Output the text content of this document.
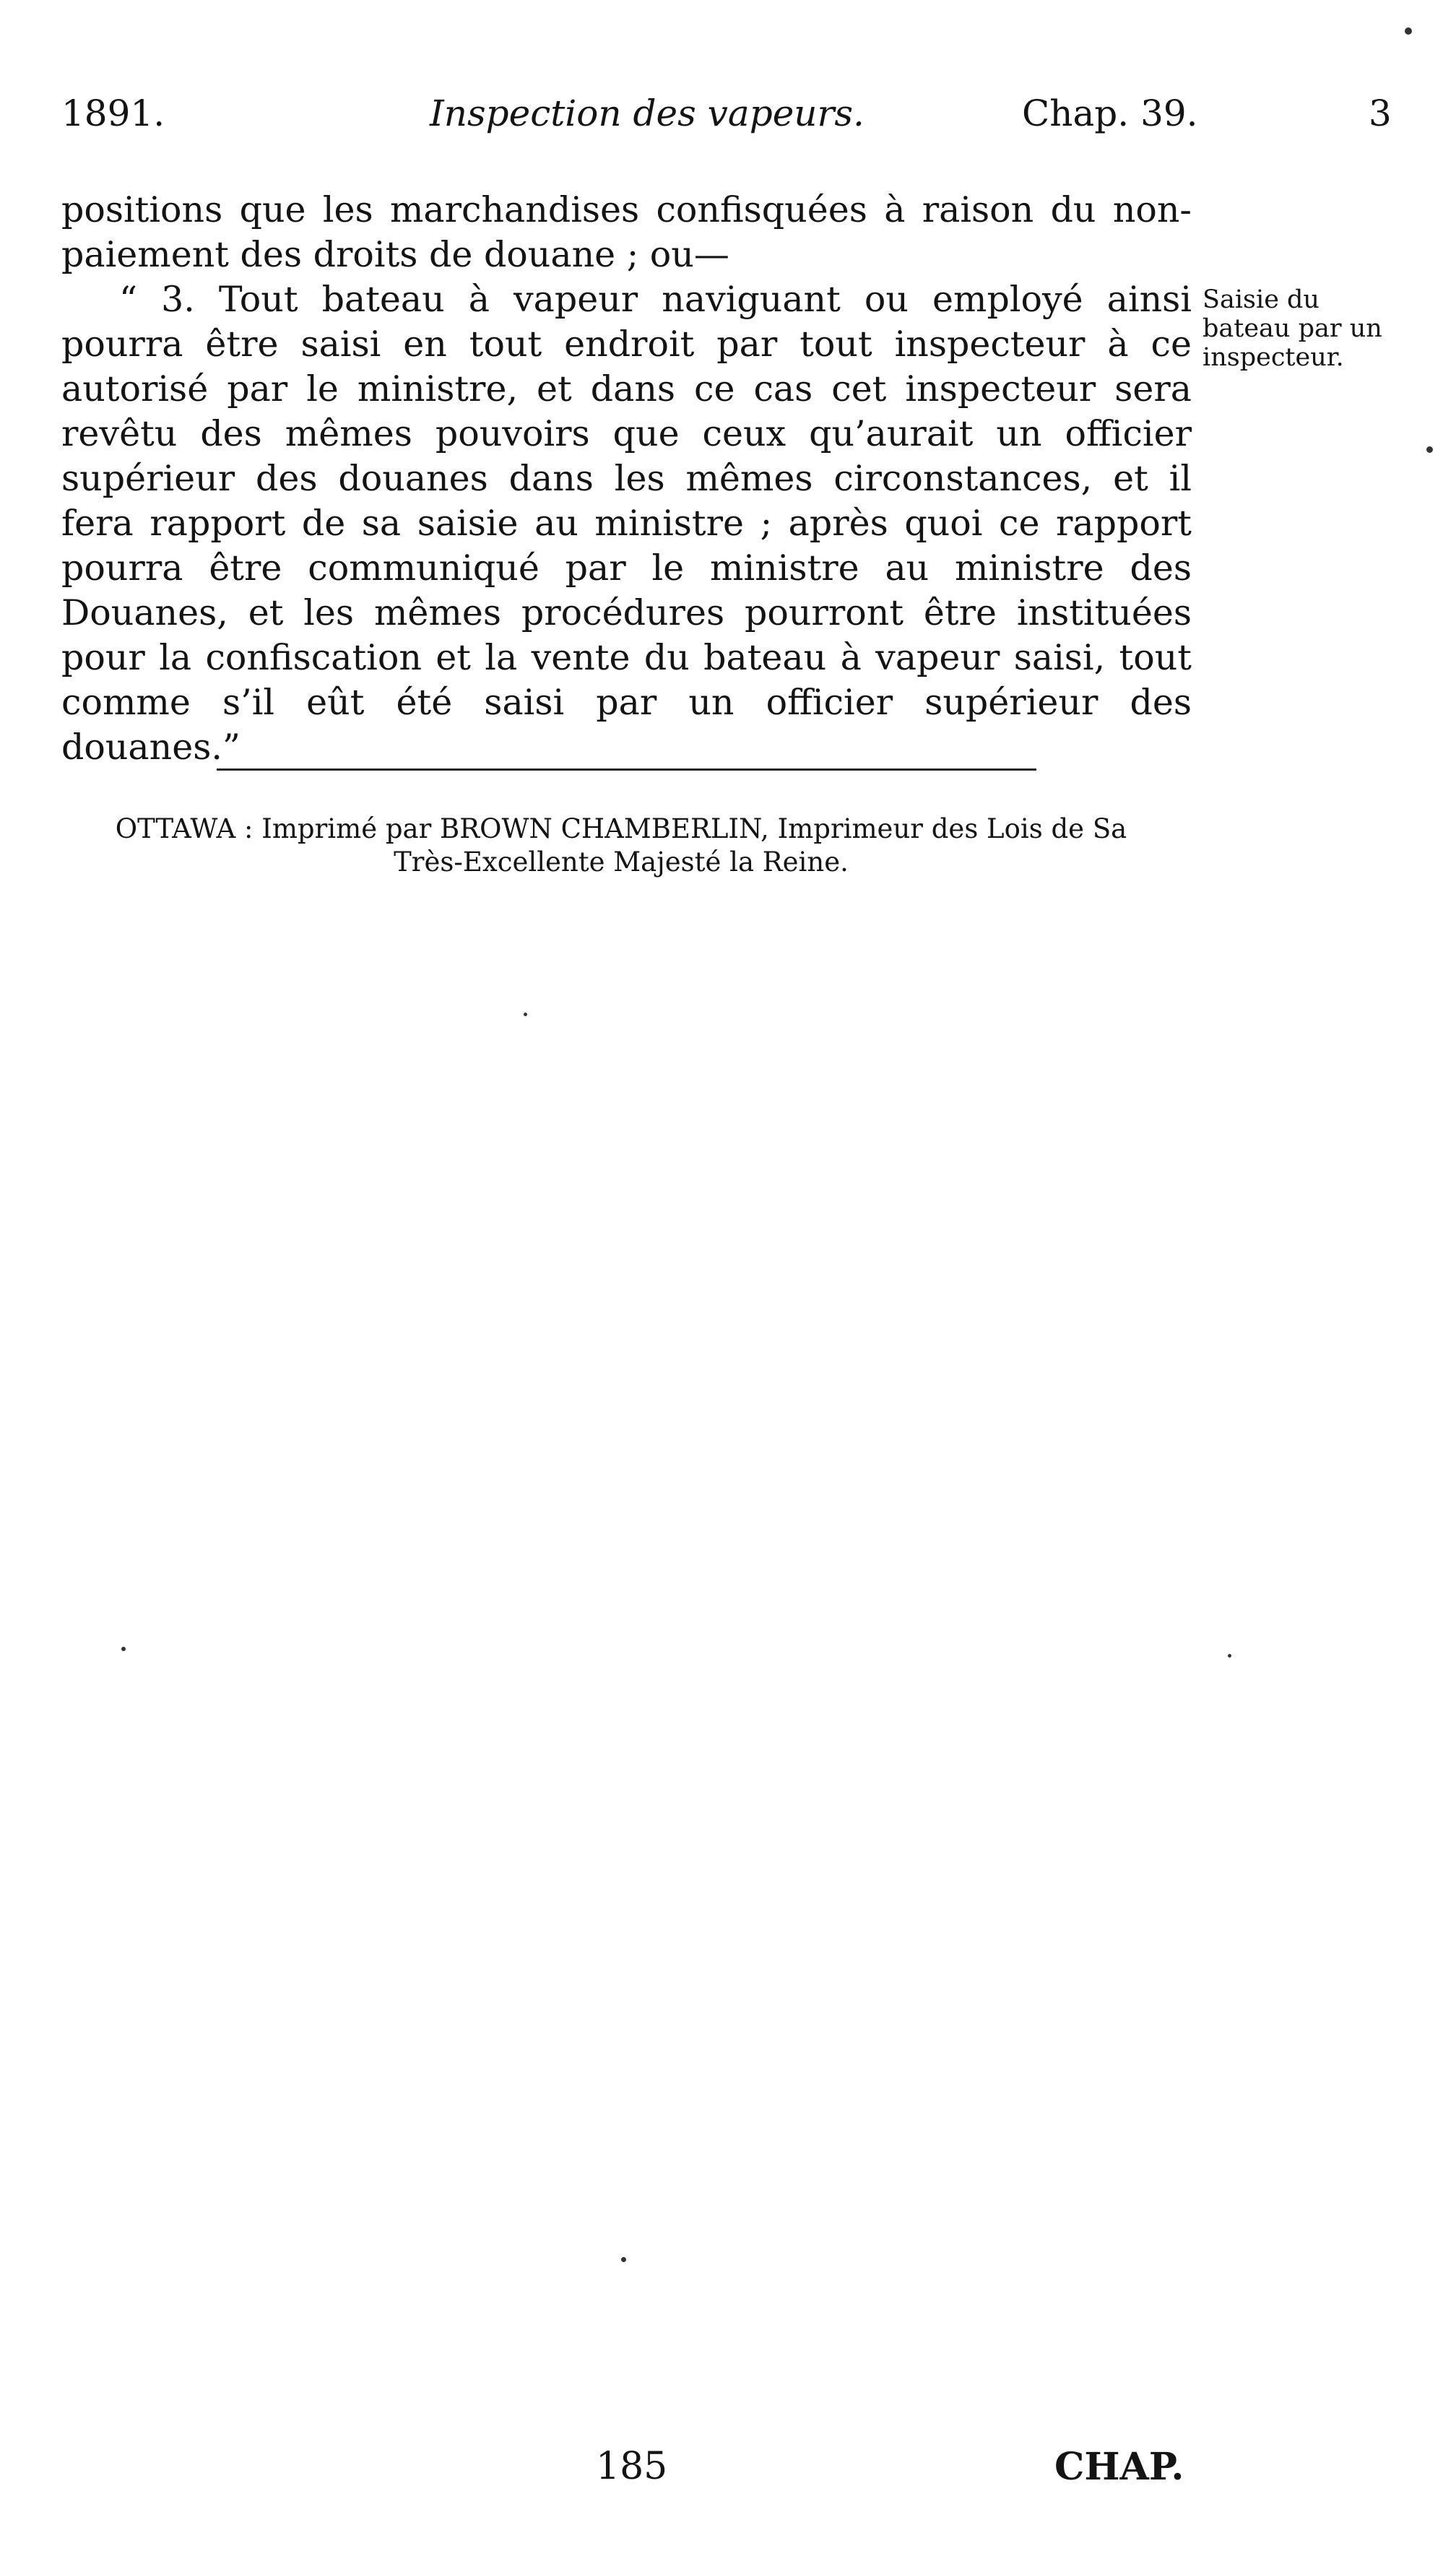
1891.	Inspection des vapeurs.	Chap. 39.	3

positions que les marchandises confisquées à raison du non-paiement des droits de douane ; ou—

“ 3. Tout bateau à vapeur naviguant ou employé ainsi pourra être saisi en tout endroit par tout inspecteur à ce autorisé par le ministre, et dans ce cas cet inspecteur sera revêtu des mêmes pouvoirs que ceux qu’aurait un officier supérieur des douanes dans les mêmes circonstances, et il fera rapport de sa saisie au ministre ; après quoi ce rapport pourra être communiqué par le ministre au ministre des Douanes, et les mêmes procédures pourront être instituées pour la confiscation et la vente du bateau à vapeur saisi, tout comme s’il eût été saisi par un officier supérieur des douanes.”

Saisie du bateau par un inspecteur.
OTTAWA : Imprimé par BROWN CHAMBERLIN, Imprimeur des Lois de Sa Très-Excellente Majesté la Reine.
185	CHAP.
